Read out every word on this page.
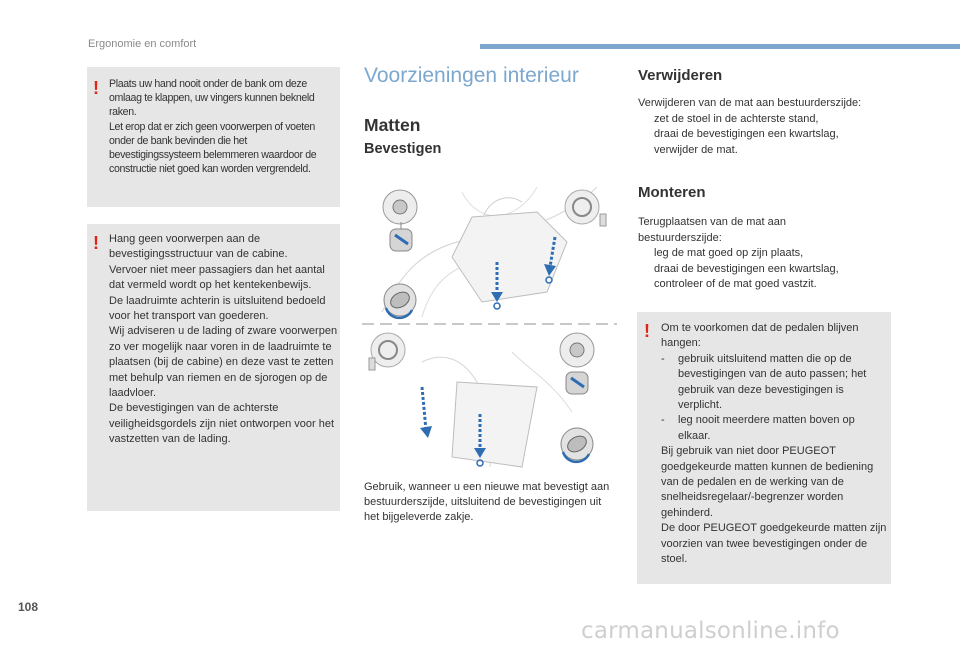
Ergonomie en comfort
! Plaats uw hand nooit onder de bank om deze omlaag te klappen, uw vingers kunnen bekneld raken.
Let erop dat er zich geen voorwerpen of voeten onder de bank bevinden die het bevestigingssysteem belemmeren waardoor de constructie niet goed kan worden vergrendeld.

! Hang geen voorwerpen aan de bevestigingsstructuur van de cabine.
Vervoer niet meer passagiers dan het aantal dat vermeld wordt op het kentekenbewijs.
De laadruimte achterin is uitsluitend bedoeld voor het transport van goederen.
Wij adviseren u de lading of zware voorwerpen zo ver mogelijk naar voren in de laadruimte te plaatsen (bij de cabine) en deze vast te zetten met behulp van riemen en de sjorogen op de laadvloer.
De bevestigingen van de achterste veiligheidsgordels zijn niet ontworpen voor het vastzetten van de lading.

Voorzieningen interieur
Matten
Bevestigen
Gebruik, wanneer u een nieuwe mat bevestigt aan bestuurderszijde, uitsluitend de bevestigingen uit het bijgeleverde zakje.
Verwijderen
Verwijderen van de mat aan bestuurderszijde:
zet de stoel in de achterste stand,
draai de bevestigingen een kwartslag,
verwijder de mat.
Monteren
Terugplaatsen van de mat aan bestuurderszijde:
leg de mat goed op zijn plaats,
draai de bevestigingen een kwartslag,
controleer of de mat goed vastzit.
! Om te voorkomen dat de pedalen blijven hangen:
-	gebruik uitsluitend matten die op de bevestigingen van de auto passen; het gebruik van deze bevestigingen is verplicht.
-	leg nooit meerdere matten boven op elkaar.

Bij gebruik van niet door PEUGEOT goedgekeurde matten kunnen de bediening van de pedalen en de werking van de snelheidsregelaar/-begrenzer worden gehinderd.
De door PEUGEOT goedgekeurde matten zijn voorzien van twee bevestigingen onder de stoel.

108
carmanualsonline.info
